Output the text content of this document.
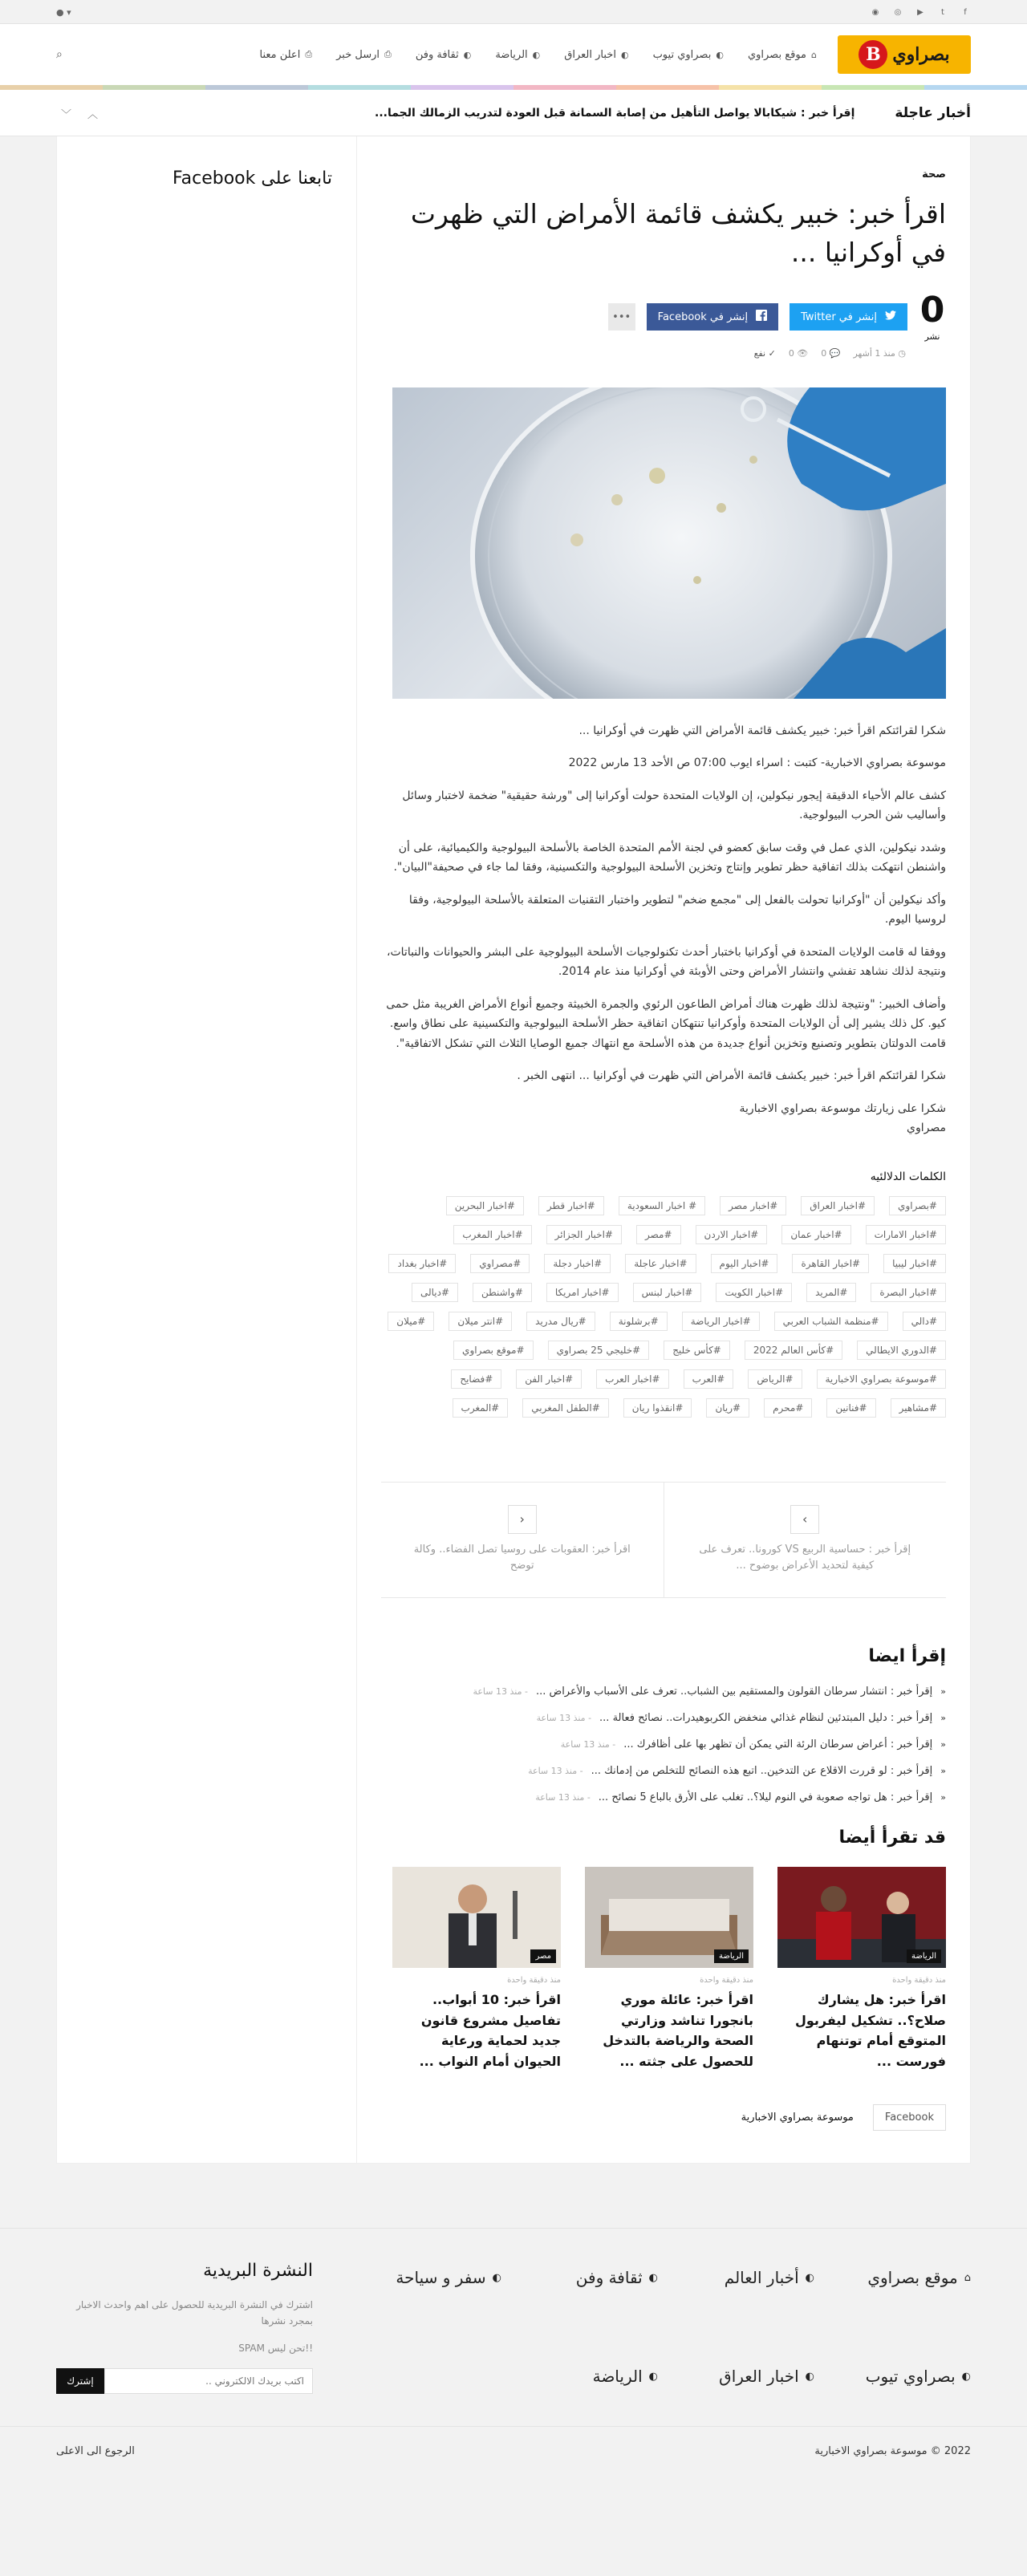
f
t
▶
◎
◉
▾ ●
بصراوي
B
⌂
موقع بصراوي
◐
بصراوي تيوب
◐
اخبار العراق
◐
الرياضة
◐
ثقافة وفن
⎙
ارسل خبر
⎙
اعلن معنا
⌕
أخبار عاجلة
إقرأ خبر : شيكابالا يواصل التأهيل من إصابة السمانة قبل العودة لتدريب الزمالك الجما...
︿
﹀
صحة
اقرأ خبر: خبير يكشف قائمة الأمراض التي ظهرت في أوكرانيا ...
0
نشر
إنشر في Twitter
إنشر في Facebook
•••
◷ منذ 1 أشهر
💬 0
👁 0
✓ نفع

شكرا لقرائتكم اقرأ خبر: خبير يكشف قائمة الأمراض التي ظهرت في أوكرانيا ...

موسوعة بصراوي الاخبارية- كتبت : اسراء ايوب 07:00 ص الأحد 13 مارس 2022

كشف عالم الأحياء الدقيقة إيجور نيكولين، إن الولايات المتحدة حولت أوكرانيا إلى "ورشة حقيقية" ضخمة لاختبار وسائل وأساليب شن الحرب البيولوجية.

وشدد نيكولين، الذي عمل في وقت سابق كعضو في لجنة الأمم المتحدة الخاصة بالأسلحة البيولوجية والكيميائية، على أن واشنطن انتهكت بذلك اتفاقية حظر تطوير وإنتاج وتخزين الأسلحة البيولوجية والتكسينية، وفقا لما جاء في صحيفة"البيان".

وأكد نيكولين أن "أوكرانيا تحولت بالفعل إلى "مجمع ضخم" لتطوير واختبار التقنيات المتعلقة بالأسلحة البيولوجية، وفقا لروسيا اليوم.

ووفقا له قامت الولايات المتحدة في أوكرانيا باختبار أحدث تكنولوجيات الأسلحة البيولوجية على البشر والحيوانات والنباتات، ونتيجة لذلك نشاهد تفشي وانتشار الأمراض وحتى الأوبئة في أوكرانيا منذ عام 2014.

وأضاف الخبير: "ونتيجة لذلك ظهرت هناك أمراض الطاعون الرئوي والجمرة الخبيثة وجميع أنواع الأمراض الغريبة مثل حمى كيو. كل ذلك يشير إلى أن الولايات المتحدة وأوكرانيا تنتهكان اتفاقية حظر الأسلحة البيولوجية والتكسينية على نطاق واسع. قامت الدولتان بتطوير وتصنيع وتخزين أنواع جديدة من هذه الأسلحة مع انتهاك جميع الوصايا الثلاث التي تشكل الاتفاقية".

شكرا لقرائتكم اقرأ خبر: خبير يكشف قائمة الأمراض التي ظهرت في أوكرانيا ... انتهى الخبر .

شكرا على زيارتك موسوعة بصراوي الاخبارية
مصراوي
الكلمات الدلالئيه
#بصراوي
#اخبار العراق
#اخبار مصر
# اخبار السعودية
#اخبار قطر
#اخبار البحرين
#اخبار الامارات
#اخبار عمان
#اخبار الاردن
#مصر
#اخبار الجزائر
#اخبار المغرب
#اخبار ليبيا
#اخبار القاهرة
#اخبار اليوم
#اخبار عاجلة
#اخبار دجلة
#مصراوي
#اخبار بغداد
#اخبار البصرة
#المريد
#اخبار الكويت
#اخبار لبنس
#اخبار امريكا
#واشنطن
#ديالى
#دالي
#منظمة الشباب العربي
#اخبار الرياضة
#برشلونة
#ريال مدريد
#انتر ميلان
#ميلان
#الدوري الايطالي
#كأس العالم 2022
#كأس خليج
#خليجي 25 بصراوي
#موقع بصراوي
#موسوعة بصراوي الاخبارية
#الرياض
#العرب
#اخبار العرب
#اخبار الفن
#فضايح
#مشاهير
#فنانين
#محرم
#ريان
#انقذوا ريان
#الطفل المغربي
#المغرب
›
إقرأ خبر : حساسية الربيع VS كورونا.. تعرف على كيفية لتحديد الأعراض بوضوح ...
‹
اقرأ خبر: العقوبات على روسيا تصل الفضاء.. وكالة توضح
إقرأ ايضا
«
إقرأ خبر : انتشار سرطان القولون والمستقيم بين الشباب.. تعرف على الأسباب والأعراض ...
- منذ 13 ساعة
«
إقرأ خبر : دليل المبتدئين لنظام غذائي منخفض الكربوهيدرات.. نصائح فعالة ...
- منذ 13 ساعة
«
إقرأ خبر : أعراض سرطان الرئة التي يمكن أن تظهر بها على أظافرك ...
- منذ 13 ساعة
«
إقرأ خبر : لو قررت الاقلاع عن التدخين.. اتبع هذه النصائح للتخلص من إدمانك ...
- منذ 13 ساعة
«
إقرأ خبر : هل تواجه صعوبة في النوم ليلا؟.. تغلب على الأرق بالباع 5 نصائح ...
- منذ 13 ساعة
قد تقرأ أيضا
الرياضة
منذ دقيقة واحدة
اقرأ خبر: هل يشارك صلاح؟.. تشكيل ليفربول المتوقع أمام توتنهام فورست ...
الرياضة
منذ دقيقة واحدة
اقرأ خبر: عائلة موري بانجورا تناشد وزارتي الصحة والرياضة بالتدخل للحصول على جثته ...
مصر
منذ دقيقة واحدة
اقرأ خبر: 10 أبواب.. تفاصيل مشروع قانون جديد لحماية ورعاية الحيوان أمام النواب ...
Facebook
موسوعة بصراوي الاخبارية
تابعنا على Facebook
⌂
موقع بصراوي
◐
أخبار العالم
◐
ثقافة وفن
◐
سفر و سياحة
◐
بصراوي تيوب
◐
اخبار العراق
◐
الرياضة
النشرة البريدية

اشترك في النشرة البريدية للحصول على اهم واحدث الاخبار بمجرد نشرها

!!تحن ليس SPAM

اكتب بريدك الالكتروني ..
إشترك
2022 © موسوعة بصراوي الاخبارية
الرجوع الى الاعلى
